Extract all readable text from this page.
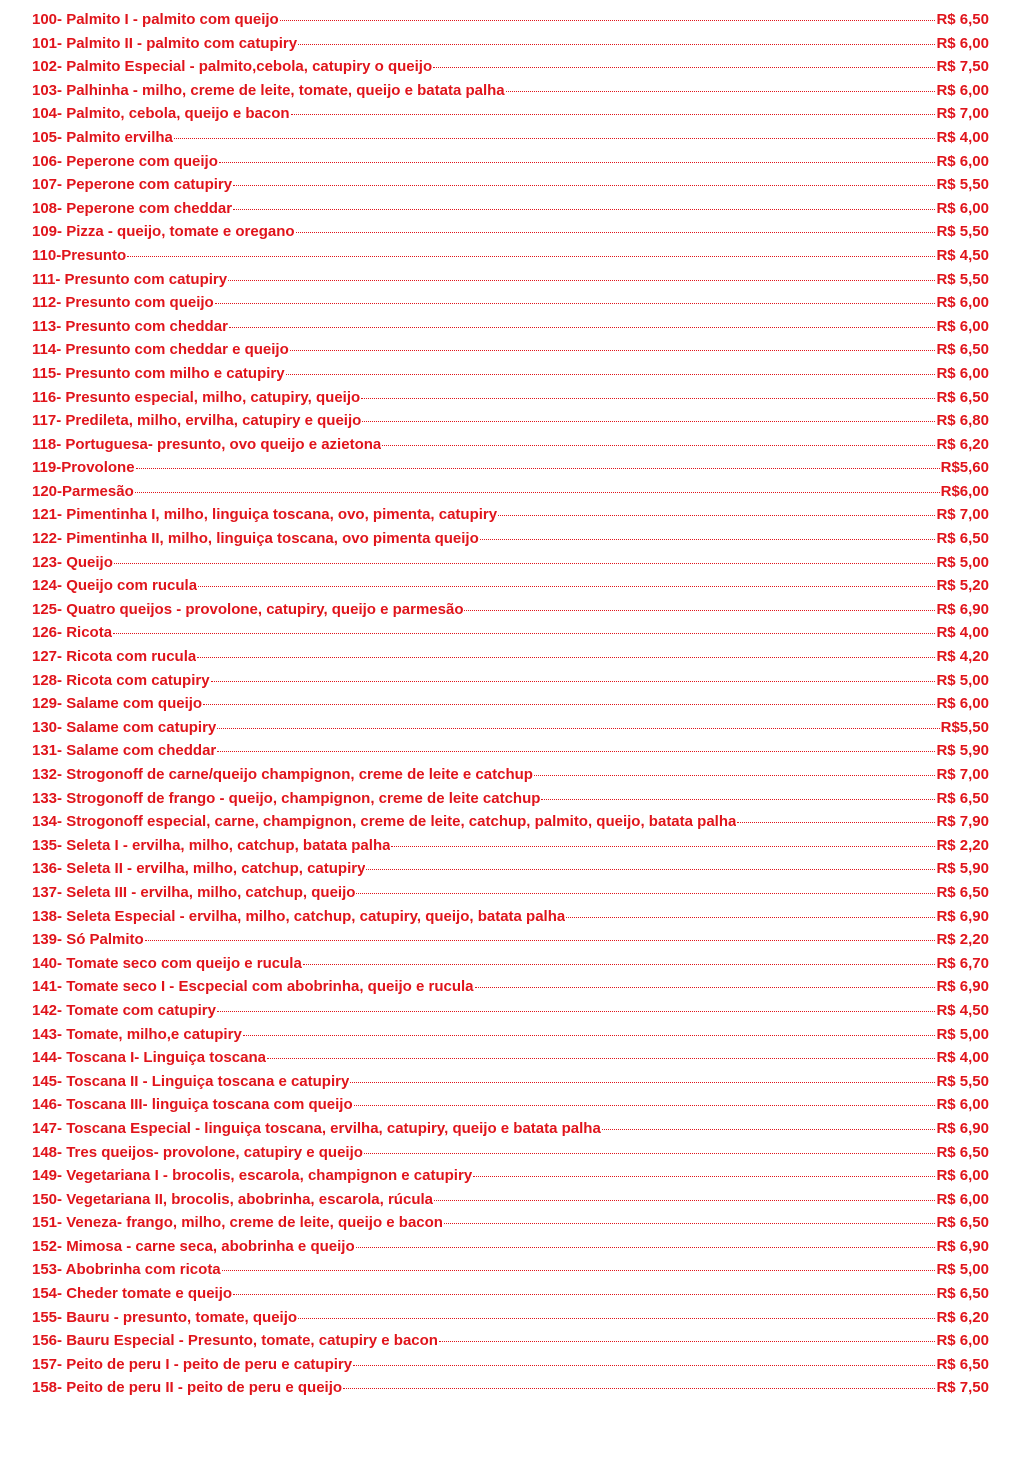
100- Palmito I - palmito com queijo	R$ 6,50
101- Palmito II - palmito com catupiry	R$ 6,00
102- Palmito Especial - palmito,cebola, catupiry o queijo	R$ 7,50
103- Palhinha - milho, creme de leite, tomate, queijo e batata palha	R$ 6,00
104- Palmito, cebola, queijo e bacon	R$ 7,00
105- Palmito ervilha	R$ 4,00
106- Peperone com queijo	R$ 6,00
107- Peperone com catupiry	R$ 5,50
108- Peperone com cheddar	R$ 6,00
109- Pizza - queijo, tomate e oregano	R$ 5,50
110-Presunto	R$ 4,50
111- Presunto com catupiry	R$ 5,50
112- Presunto com queijo	R$ 6,00
113- Presunto com cheddar	R$ 6,00
114- Presunto com cheddar e queijo	R$ 6,50
115- Presunto com milho e catupiry	R$ 6,00
116- Presunto especial, milho, catupiry, queijo	R$ 6,50
117- Predileta, milho, ervilha, catupiry e queijo	R$ 6,80
118- Portuguesa- presunto, ovo queijo e azietona	R$ 6,20
119-Provolone	R$5,60
120-Parmesão	R$6,00
121- Pimentinha I, milho, linguiça toscana, ovo, pimenta, catupiry	R$ 7,00
122- Pimentinha II, milho, linguiça toscana, ovo pimenta queijo	R$ 6,50
123- Queijo	R$ 5,00
124- Queijo com rucula	R$ 5,20
125- Quatro queijos - provolone, catupiry, queijo e parmesão	R$ 6,90
126- Ricota	R$ 4,00
127- Ricota com rucula	R$ 4,20
128- Ricota com catupiry	R$ 5,00
129- Salame com queijo	R$ 6,00
130- Salame com catupiry	R$5,50
131- Salame com cheddar	R$ 5,90
132- Strogonoff de carne/queijo champignon, creme de leite e catchup	R$ 7,00
133- Strogonoff de frango - queijo, champignon, creme de leite catchup	R$ 6,50
134- Strogonoff especial, carne, champignon, creme de leite, catchup, palmito, queijo, batata palha	R$ 7,90
135- Seleta I - ervilha, milho, catchup, batata palha	R$ 2,20
136- Seleta II - ervilha, milho, catchup, catupiry	R$ 5,90
137- Seleta III - ervilha, milho, catchup, queijo	R$ 6,50
138- Seleta Especial - ervilha, milho, catchup, catupiry, queijo, batata palha	R$ 6,90
139- Só Palmito	R$ 2,20
140- Tomate seco com queijo e rucula	R$ 6,70
141- Tomate seco I - Escpecial com abobrinha, queijo e rucula	R$ 6,90
142- Tomate com catupiry	R$ 4,50
143- Tomate, milho,e catupiry	R$ 5,00
144- Toscana I- Linguiça toscana	R$ 4,00
145- Toscana II - Linguiça toscana e catupiry	R$ 5,50
146- Toscana III- linguiça toscana com queijo	R$ 6,00
147- Toscana Especial - linguiça toscana, ervilha, catupiry, queijo e batata palha	R$ 6,90
148- Tres queijos- provolone, catupiry e queijo	R$ 6,50
149- Vegetariana I - brocolis, escarola, champignon e catupiry	R$ 6,00
150- Vegetariana II, brocolis, abobrinha, escarola, rúcula	R$ 6,00
151- Veneza- frango, milho, creme de leite, queijo e bacon	R$ 6,50
152- Mimosa - carne seca, abobrinha e queijo	R$ 6,90
153- Abobrinha com ricota	R$ 5,00
154- Cheder tomate e queijo	R$ 6,50
155- Bauru - presunto, tomate, queijo	R$ 6,20
156- Bauru Especial - Presunto, tomate, catupiry e bacon	R$ 6,00
157- Peito de peru I - peito de peru e catupiry	R$ 6,50
158- Peito de peru II - peito de peru e queijo	R$ 7,50
